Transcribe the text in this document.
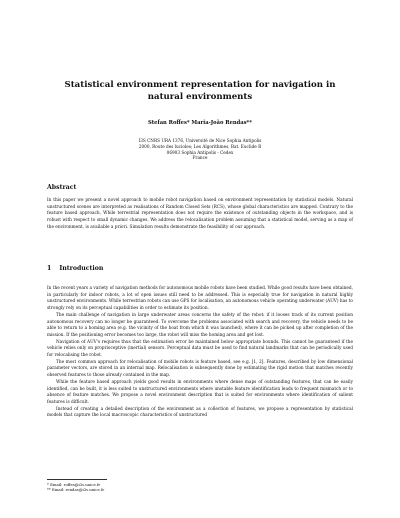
Statistical environment representation for navigation in natural environments
Stefan Roffes* Maria-João Rendas**
I3S CNRS URA 1376, Université de Nice Sophia Antipolis
2000, Route des lucioles; Les Algorithmes, Bat. Euclide B
06903 Sophia Antipolis - Cedex
France
Abstract

In this paper we present a novel approach to mobile robot navigation based on environment representation by statistical models. Natural unstructured scenes are interpreted as realisations of Random Closed Sets (RCS), whose global characteristics are mapped. Contrary to the feature based approach, While terrestrial representation does not require the existence of outstanding objects in the workspace, and is robust with respect to small dynamic changes. We address the relocalisation problem assuming that a statistical model, serving as a map of the environment, is available a priori. Simulation results demonstrate the feasibility of our approach.

1 Introduction

In the recent years a variety of navigation methods for autonomous mobile robots have been studied. While good results have been obtained, in particularly for indoor robots, a lot of open issues still need to be addressed. This is especially true for navigation in natural highly unstructured environments. While terrestrian robots can use GPS for localisation, an autonomous vehicle operating underwater (AUV) has to strongly rely on its perceptual capabilities in order to estimate its position.

The main challenge of navigation in large underwater areas concerns the safety of the robot: if it looses track of its current position autonomous recovery can no longer be guaranteed. To overcome the problems associated with search and recovery, the vehicle needs to be able to return to a homing area (e.g. the vicinity of the boat from which it was launched), where it can be picked up after completion of the mission. If the positioning error becomes too large, the robot will miss the homing area and get lost.

Navigation of AUV's requires thus that the estimation error be maintained below appropriate bounds. This cannot be guaranteed if the vehicle relies only on proprioceptive (inertial) sensors. Perceptual data must be used to find natural landmarks that can be periodically used for relocalising the robot.

The most common approach for relocalisation of mobile robots is feature based, see e.g. [1, 2]. Features, described by low dimensional parameter vectors, are stored in an internal map. Relocalisation is subsequently done by estimating the rigid motion that matches recently observed features to those already contained in the map.

While the feature based approach yields good results in environments where dense maps of outstanding features, that can be easily identified, can be built, it is less suited to unstructured environments where unstable feature identification leads to frequent mismatch or to absence of feature matches. We propose a novel environment description that is suited for environments where identification of salient features is difficult.

Instead of creating a detailed description of the environment as a collection of features, we propose a representation by statistical models that capture the local macroscopic characteristics of unstructured

* Email: roffes@i3s.unice.fr
** Email: rendas@i3s.unice.fr
